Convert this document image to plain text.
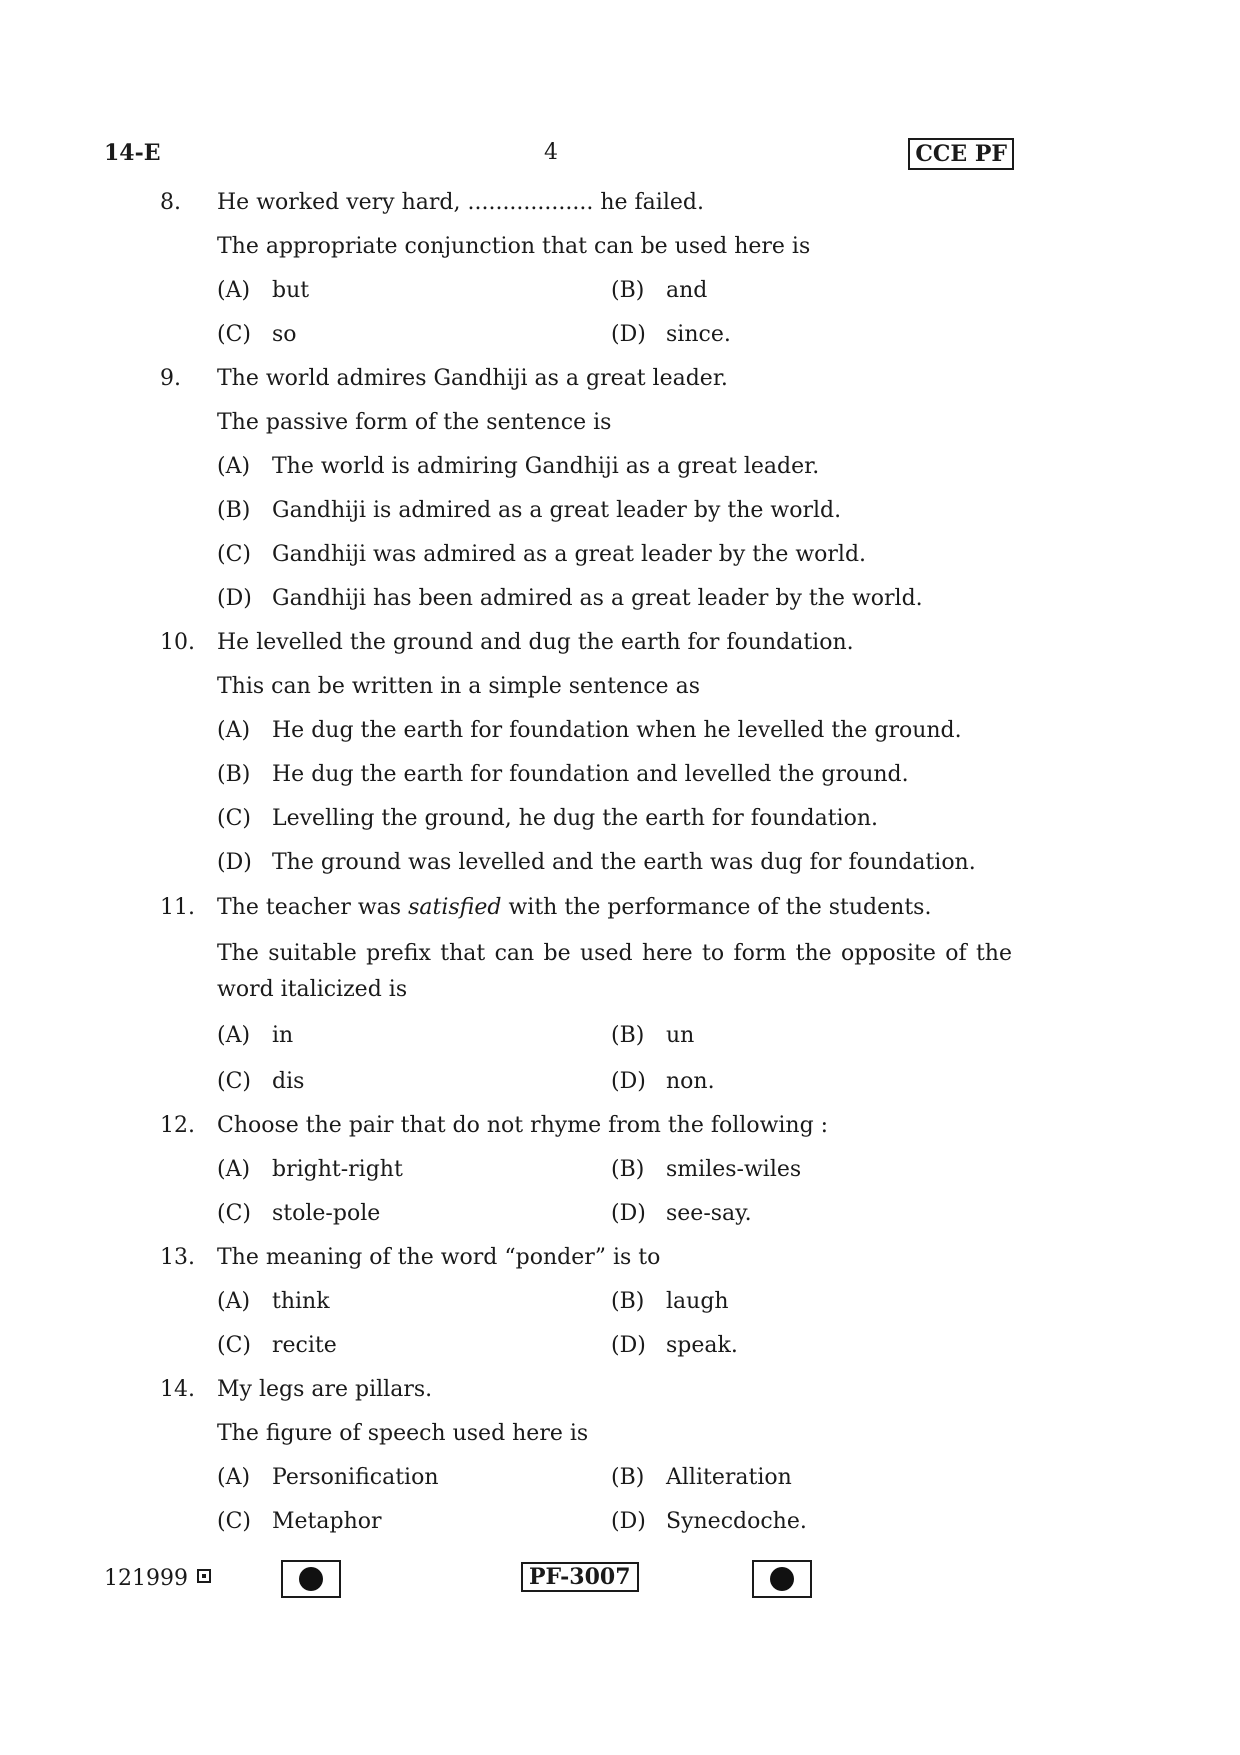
14-E	4	CCE PF
8. He worked very hard, .................. he failed.
The appropriate conjunction that can be used here is
(A) but	(B) and
(C) so	(D) since.
9. The world admires Gandhiji as a great leader.
The passive form of the sentence is
(A) The world is admiring Gandhiji as a great leader.
(B) Gandhiji is admired as a great leader by the world.
(C) Gandhiji was admired as a great leader by the world.
(D) Gandhiji has been admired as a great leader by the world.
10. He levelled the ground and dug the earth for foundation.
This can be written in a simple sentence as
(A) He dug the earth for foundation when he levelled the ground.
(B) He dug the earth for foundation and levelled the ground.
(C) Levelling the ground, he dug the earth for foundation.
(D) The ground was levelled and the earth was dug for foundation.
11. The teacher was satisfied with the performance of the students.
The suitable prefix that can be used here to form the opposite of the word italicized is
(A) in	(B) un
(C) dis	(D) non.
12. Choose the pair that do not rhyme from the following :
(A) bright-right	(B) smiles-wiles
(C) stole-pole	(D) see-say.
13. The meaning of the word “ponder” is to
(A) think	(B) laugh
(C) recite	(D) speak.
14. My legs are pillars.
The figure of speech used here is
(A) Personification	(B) Alliteration
(C) Metaphor	(D) Synecdoche.
121999	PF-3007
